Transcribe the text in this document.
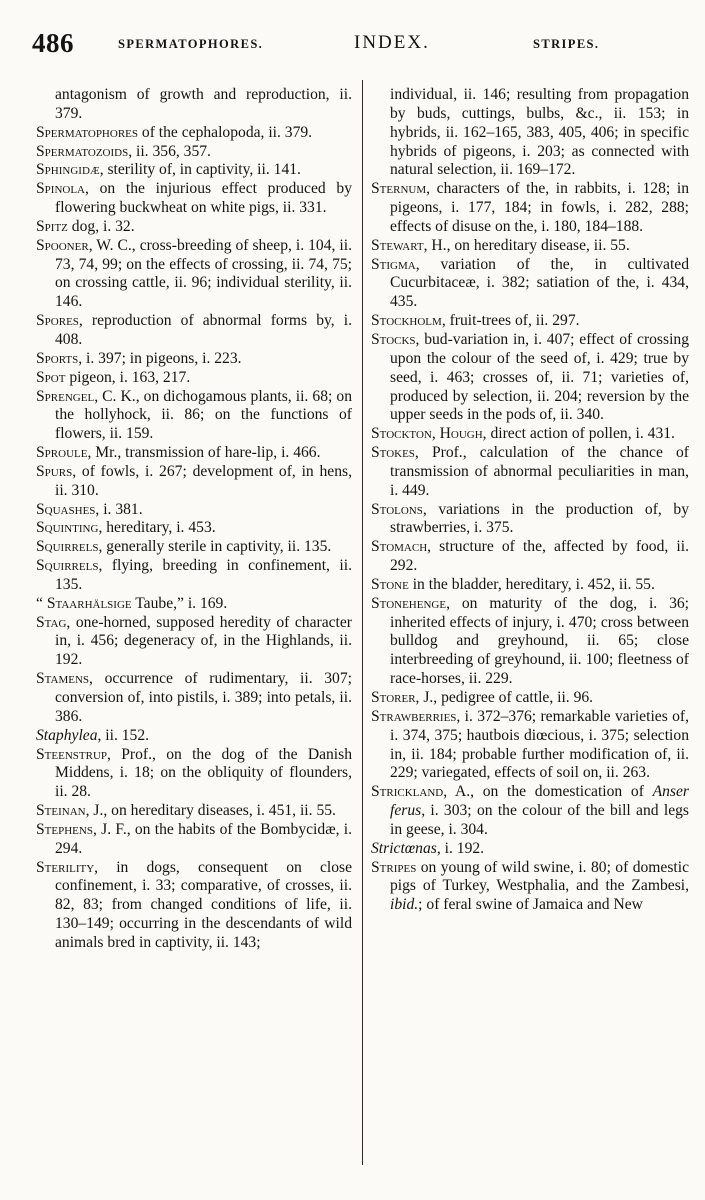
486	SPERMATOPHORES.	INDEX.	STRIPES.

antagonism of growth and reproduction, ii. 379.

Spermatophores of the cephalopoda, ii. 379.

Spermatozoids, ii. 356, 357.

Sphingidæ, sterility of, in captivity, ii. 141.

Spinola, on the injurious effect produced by flowering buckwheat on white pigs, ii. 331.

Spitz dog, i. 32.

Spooner, W. C., cross-breeding of sheep, i. 104, ii. 73, 74, 99; on the effects of crossing, ii. 74, 75; on crossing cattle, ii. 96; individual sterility, ii. 146.

Spores, reproduction of abnormal forms by, i. 408.

Sports, i. 397; in pigeons, i. 223.

Spot pigeon, i. 163, 217.

Sprengel, C. K., on dichogamous plants, ii. 68; on the hollyhock, ii. 86; on the functions of flowers, ii. 159.

Sproule, Mr., transmission of hare-lip, i. 466.

Spurs, of fowls, i. 267; development of, in hens, ii. 310.

Squashes, i. 381.

Squinting, hereditary, i. 453.

Squirrels, generally sterile in captivity, ii. 135.

Squirrels, flying, breeding in confinement, ii. 135.

“ Staarhälsige Taube,” i. 169.

Stag, one-horned, supposed heredity of character in, i. 456; degeneracy of, in the Highlands, ii. 192.

Stamens, occurrence of rudimentary, ii. 307; conversion of, into pistils, i. 389; into petals, ii. 386.

Staphylea, ii. 152.

Steenstrup, Prof., on the dog of the Danish Middens, i. 18; on the obliquity of flounders, ii. 28.

Steinan, J., on hereditary diseases, i. 451, ii. 55.

Stephens, J. F., on the habits of the Bombycidæ, i. 294.

Sterility, in dogs, consequent on close confinement, i. 33; comparative, of crosses, ii. 82, 83; from changed conditions of life, ii. 130–149; occurring in the descendants of wild animals bred in captivity, ii. 143;

individual, ii. 146; resulting from propagation by buds, cuttings, bulbs, &c., ii. 153; in hybrids, ii. 162–165, 383, 405, 406; in specific hybrids of pigeons, i. 203; as connected with natural selection, ii. 169–172.

Sternum, characters of the, in rabbits, i. 128; in pigeons, i. 177, 184; in fowls, i. 282, 288; effects of disuse on the, i. 180, 184–188.

Stewart, H., on hereditary disease, ii. 55.

Stigma, variation of the, in cultivated Cucurbitaceæ, i. 382; satiation of the, i. 434, 435.

Stockholm, fruit-trees of, ii. 297.

Stocks, bud-variation in, i. 407; effect of crossing upon the colour of the seed of, i. 429; true by seed, i. 463; crosses of, ii. 71; varieties of, produced by selection, ii. 204; reversion by the upper seeds in the pods of, ii. 340.

Stockton, Hough, direct action of pollen, i. 431.

Stokes, Prof., calculation of the chance of transmission of abnormal peculiarities in man, i. 449.

Stolons, variations in the production of, by strawberries, i. 375.

Stomach, structure of the, affected by food, ii. 292.

Stone in the bladder, hereditary, i. 452, ii. 55.

Stonehenge, on maturity of the dog, i. 36; inherited effects of injury, i. 470; cross between bulldog and greyhound, ii. 65; close interbreeding of greyhound, ii. 100; fleetness of race-horses, ii. 229.

Storer, J., pedigree of cattle, ii. 96.

Strawberries, i. 372–376; remarkable varieties of, i. 374, 375; hautbois diœcious, i. 375; selection in, ii. 184; probable further modification of, ii. 229; variegated, effects of soil on, ii. 263.

Strickland, A., on the domestication of Anser ferus, i. 303; on the colour of the bill and legs in geese, i. 304.

Strictœnas, i. 192.

Stripes on young of wild swine, i. 80; of domestic pigs of Turkey, Westphalia, and the Zambesi, ibid.; of feral swine of Jamaica and New
